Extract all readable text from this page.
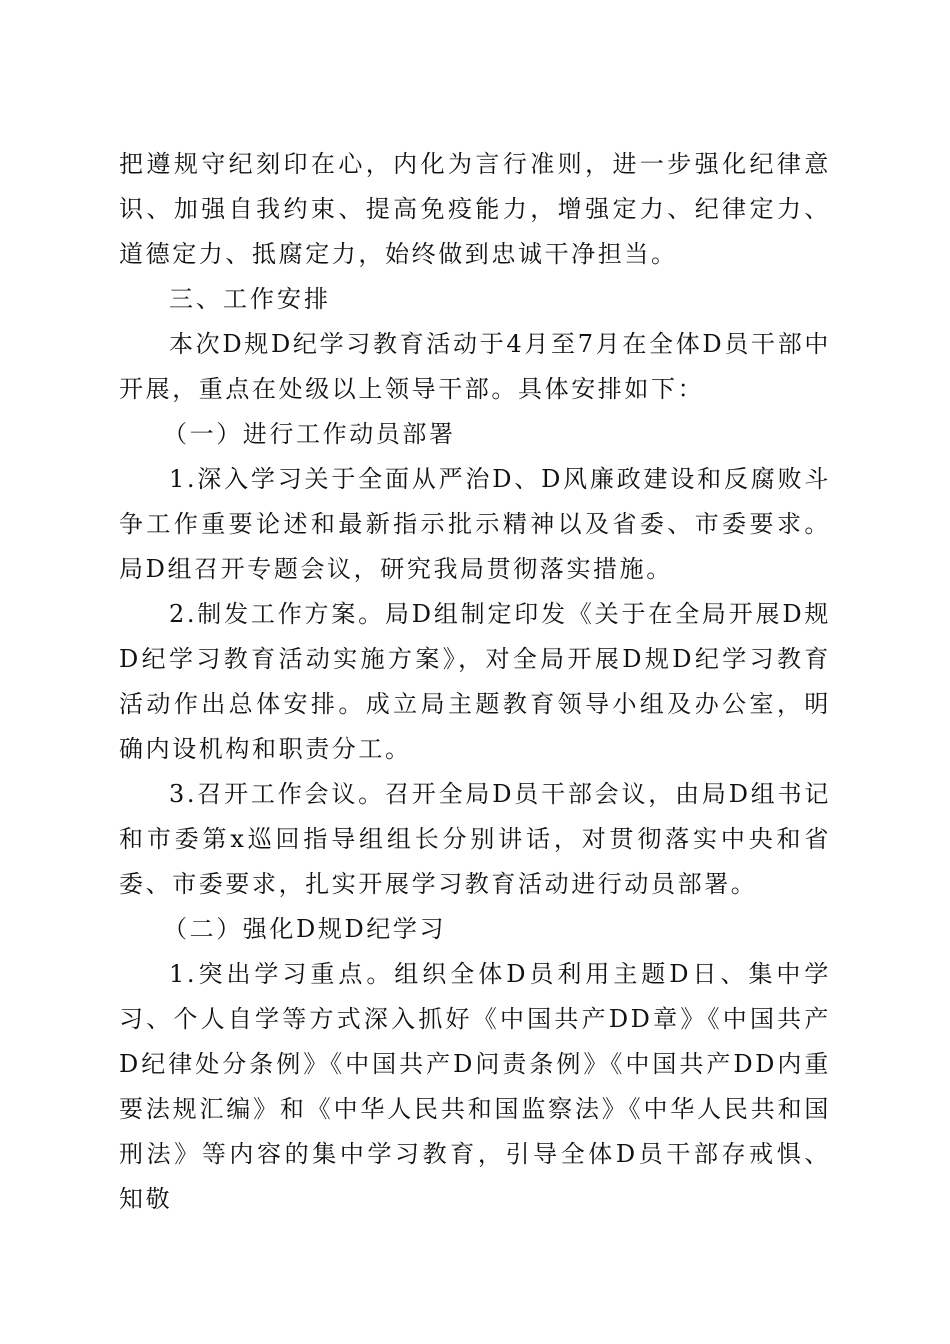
把遵规守纪刻印在心，内化为言行准则，进一步强化纪律意识、加强自我约束、提高免疫能力，增强定力、纪律定力、道德定力、抵腐定力，始终做到忠诚干净担当。

三、工作安排

本次D规D纪学习教育活动于4月至7月在全体D员干部中开展，重点在处级以上领导干部。具体安排如下：

（一）进行工作动员部署

1.深入学习关于全面从严治D、D风廉政建设和反腐败斗争工作重要论述和最新指示批示精神以及省委、市委要求。局D组召开专题会议，研究我局贯彻落实措施。

2.制发工作方案。局D组制定印发《关于在全局开展D规D纪学习教育活动实施方案》，对全局开展D规D纪学习教育活动作出总体安排。成立局主题教育领导小组及办公室，明确内设机构和职责分工。

3.召开工作会议。召开全局D员干部会议，由局D组书记和市委第x巡回指导组组长分别讲话，对贯彻落实中央和省委、市委要求，扎实开展学习教育活动进行动员部署。

（二）强化D规D纪学习

1.突出学习重点。组织全体D员利用主题D日、集中学习、个人自学等方式深入抓好《中国共产DD章》《中国共产D纪律处分条例》《中国共产D问责条例》《中国共产DD内重要法规汇编》和《中华人民共和国监察法》《中华人民共和国刑法》等内容的集中学习教育，引导全体D员干部存戒惧、知敬
